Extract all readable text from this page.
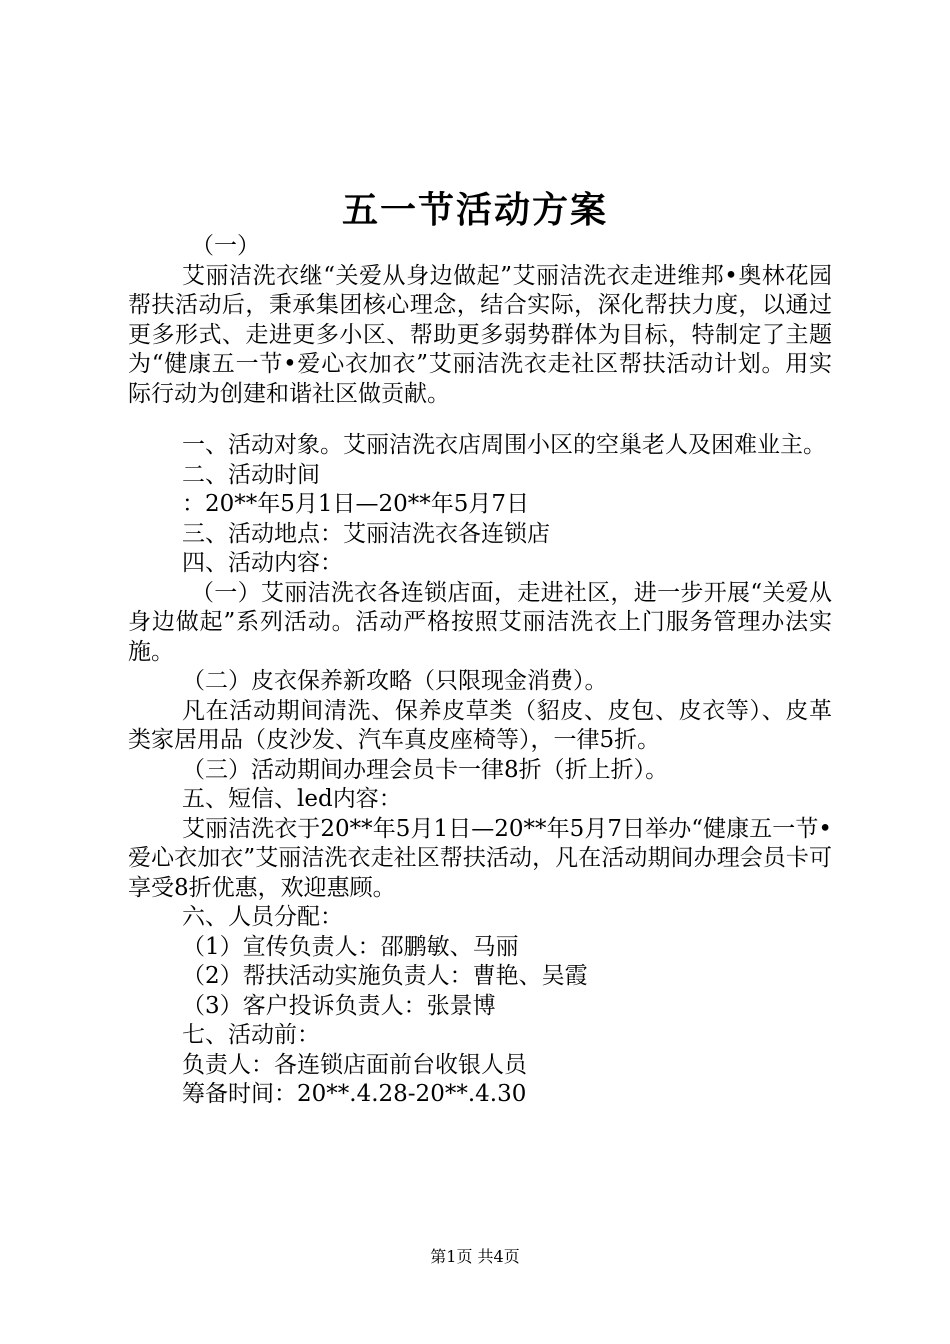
五一节活动方案

（一）

艾丽洁洗衣继“关爱从身边做起”艾丽洁洗衣走进维邦•奥林花园帮扶活动后，秉承集团核心理念，结合实际，深化帮扶力度，以通过更多形式、走进更多小区、帮助更多弱势群体为目标，特制定了主题为“健康五一节•爱心衣加衣”艾丽洁洗衣走社区帮扶活动计划。用实际行动为创建和谐社区做贡献。

一、活动对象。艾丽洁洗衣店周围小区的空巢老人及困难业主。

二、活动时间

：20**年5月1日—20**年5月7日

三、活动地点：艾丽洁洗衣各连锁店

四、活动内容：

（一）艾丽洁洗衣各连锁店面，走进社区，进一步开展“关爱从身边做起”系列活动。活动严格按照艾丽洁洗衣上门服务管理办法实施。

（二）皮衣保养新攻略（只限现金消费）。

凡在活动期间清洗、保养皮草类（貂皮、皮包、皮衣等）、皮革类家居用品（皮沙发、汽车真皮座椅等），一律5折。

（三）活动期间办理会员卡一律8折（折上折）。

五、短信、led内容：

艾丽洁洗衣于20**年5月1日—20**年5月7日举办“健康五一节•爱心衣加衣”艾丽洁洗衣走社区帮扶活动，凡在活动期间办理会员卡可享受8折优惠，欢迎惠顾。

六、人员分配：

（1）宣传负责人：邵鹏敏、马丽

（2）帮扶活动实施负责人：曹艳、吴霞

（3）客户投诉负责人：张景博

七、活动前：

负责人：各连锁店面前台收银人员

筹备时间：20**.4.28-20**.4.30

第1页 共4页
